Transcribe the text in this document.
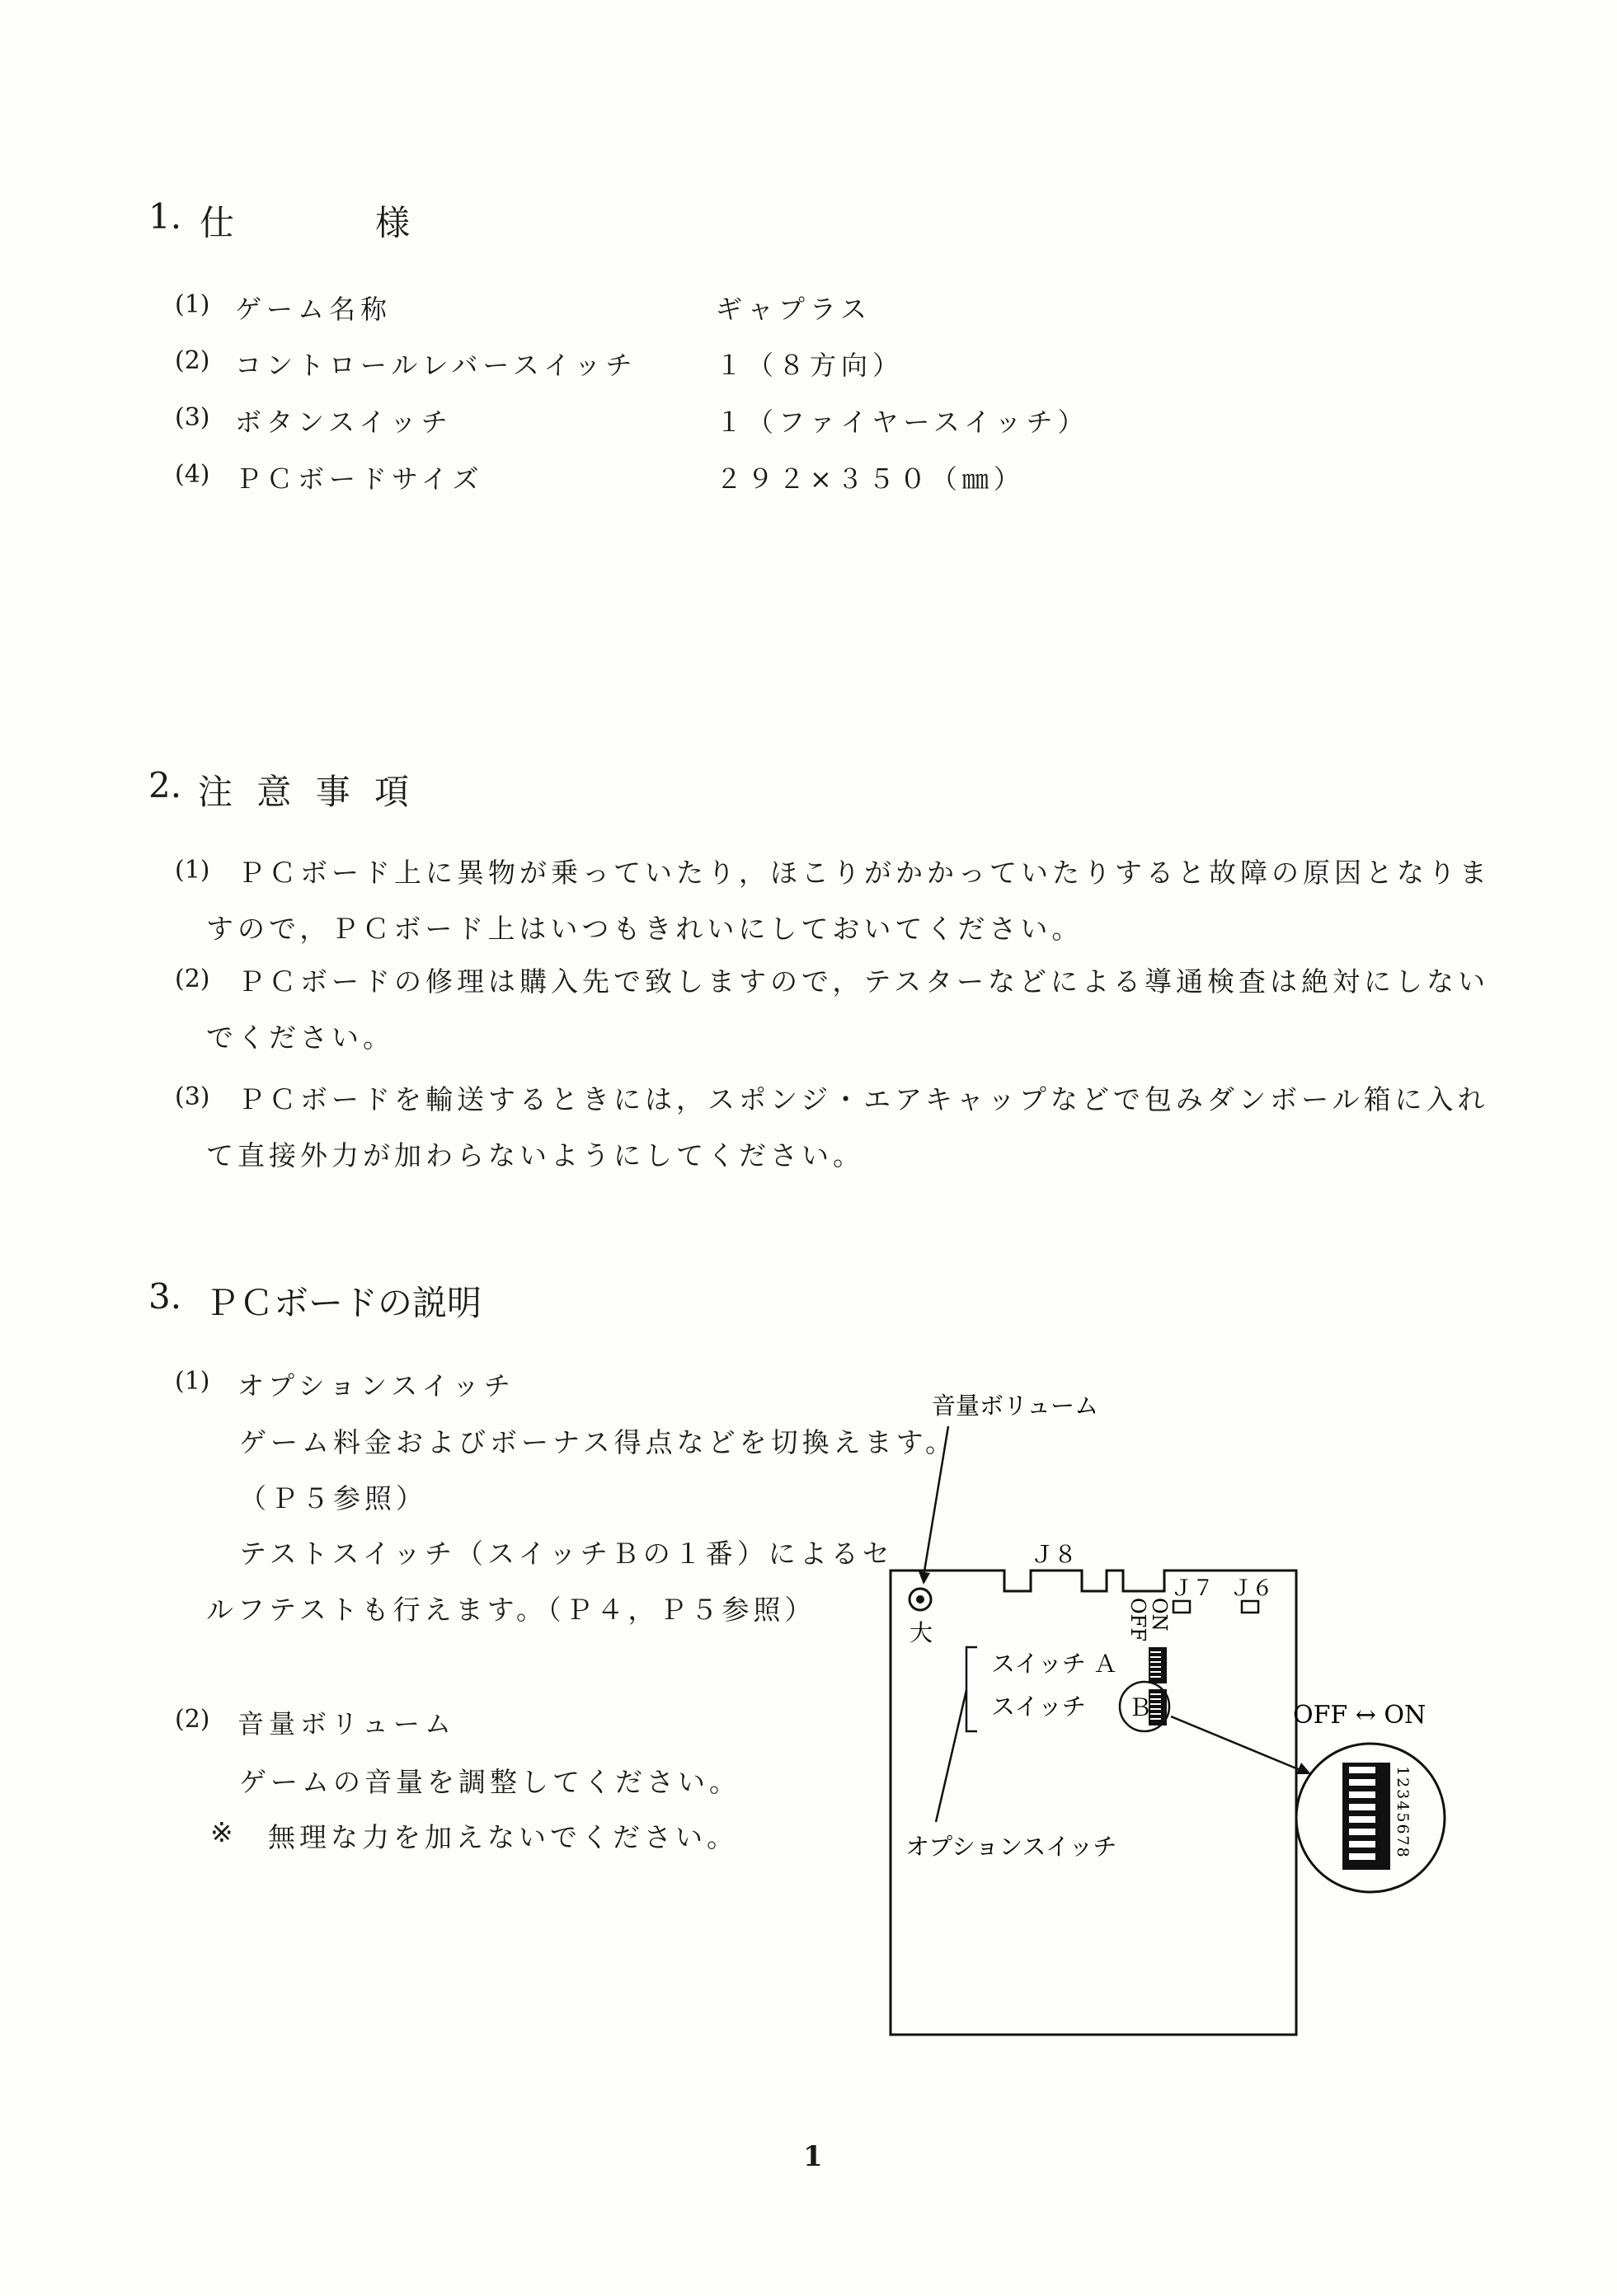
1. 仕	様
(1) ゲーム名称	ギャプラス
(2) コントロールレバースイッチ	１（８方向）
(3) ボタンスイッチ	１（ファイヤースイッチ）
(4) ＰＣボードサイズ	２９２×３５０（㎜）
2. 注 意 事 項
(1) ＰＣボード上に異物が乗っていたり，ほこりがかかっていたりすると故障の原因となりま
すので，ＰＣボード上はいつもきれいにしておいてください。
(2) ＰＣボードの修理は購入先で致しますので，テスターなどによる導通検査は絶対にしない
でください。
(3) ＰＣボードを輸送するときには，スポンジ・エアキャップなどで包みダンボール箱に入れ
て直接外力が加わらないようにしてください。
3. ＰＣボードの説明
(1) オプションスイッチ
ゲーム料金およびボーナス得点などを切換えます。
（Ｐ５参照）
テストスイッチ（スイッチＢの１番）によるセ
ルフテストも行えます。（Ｐ４，Ｐ５参照）
(2) 音量ボリューム
ゲームの音量を調整してください。
※ 無理な力を加えないでください。
Ｊ８
Ｊ７ Ｊ６
大
音量ボリューム
OFF
ON
スイッチ Ａ
スイッチ Ｂ
オプションスイッチ
OFF ↔ ON
12345678
1
